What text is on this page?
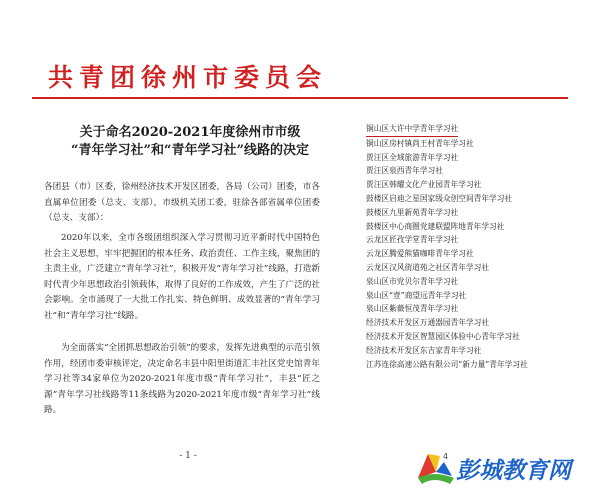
共青团徐州市委员会
关于命名2020-2021年度徐州市市级
“青年学习社”和“青年学习社”线路的决定

各团县（市）区委，徐州经济技术开发区团委，各局（公司）团委，市各直属单位团委（总支、支部），市级机关团工委，驻徐各部省属单位团委（总支、支部）：

2020年以来，全市各级团组织深入学习贯彻习近平新时代中国特色社会主义思想，牢牢把握团的根本任务、政治责任、工作主线，聚焦团的主责主业，广泛建立“青年学习社”，积极开发“青年学习社”线路，打造新时代青少年思想政治引领载体，取得了良好的工作成效，产生了广泛的社会影响。全市涌现了一大批工作扎实、特色鲜明、成效显著的“青年学习社”和“青年学习社”线路。

为全面落实“全团抓思想政治引领”的要求，发挥先进典型的示范引领作用，经团市委审核评定，决定命名丰县中阳里街道汇丰社区党史馆青年学习社等34家单位为2020-2021年度市级“青年学习社”，丰县“匠之源”青年学习社线路等11条线路为2020-2021年度市级“青年学习社”线路。

- 1 -
铜山区大许中学青年学习社
铜山区房村镇尚王村青年学习社
贾汪区全域旅游青年学习社
贾汪区泉西青年学习社
贾汪区韩耀文化产业园青年学习社
鼓楼区启迪之星国家级众创空间青年学习社
鼓楼区九里新苑青年学习社
鼓楼区中心商圈党建联盟阵地青年学习社
云龙区匠孜学堂青年学习社
云龙区腾爱熊猫咖啡青年学习社
云龙区汉风街道苑之社区青年学习社
泉山区市党贝尔青年学习社
泉山区“壹”商望远青年学习社
泉山区紫薇恒茂青年学习社
经济技术开发区万通器园青年学习社
经济技术开发区智慧园区体验中心青年学习社
经济技术开发区东吉家青年学习社
江苏连徐高速公路有限公司“新力量”青年学习社
4
彭城教育网
